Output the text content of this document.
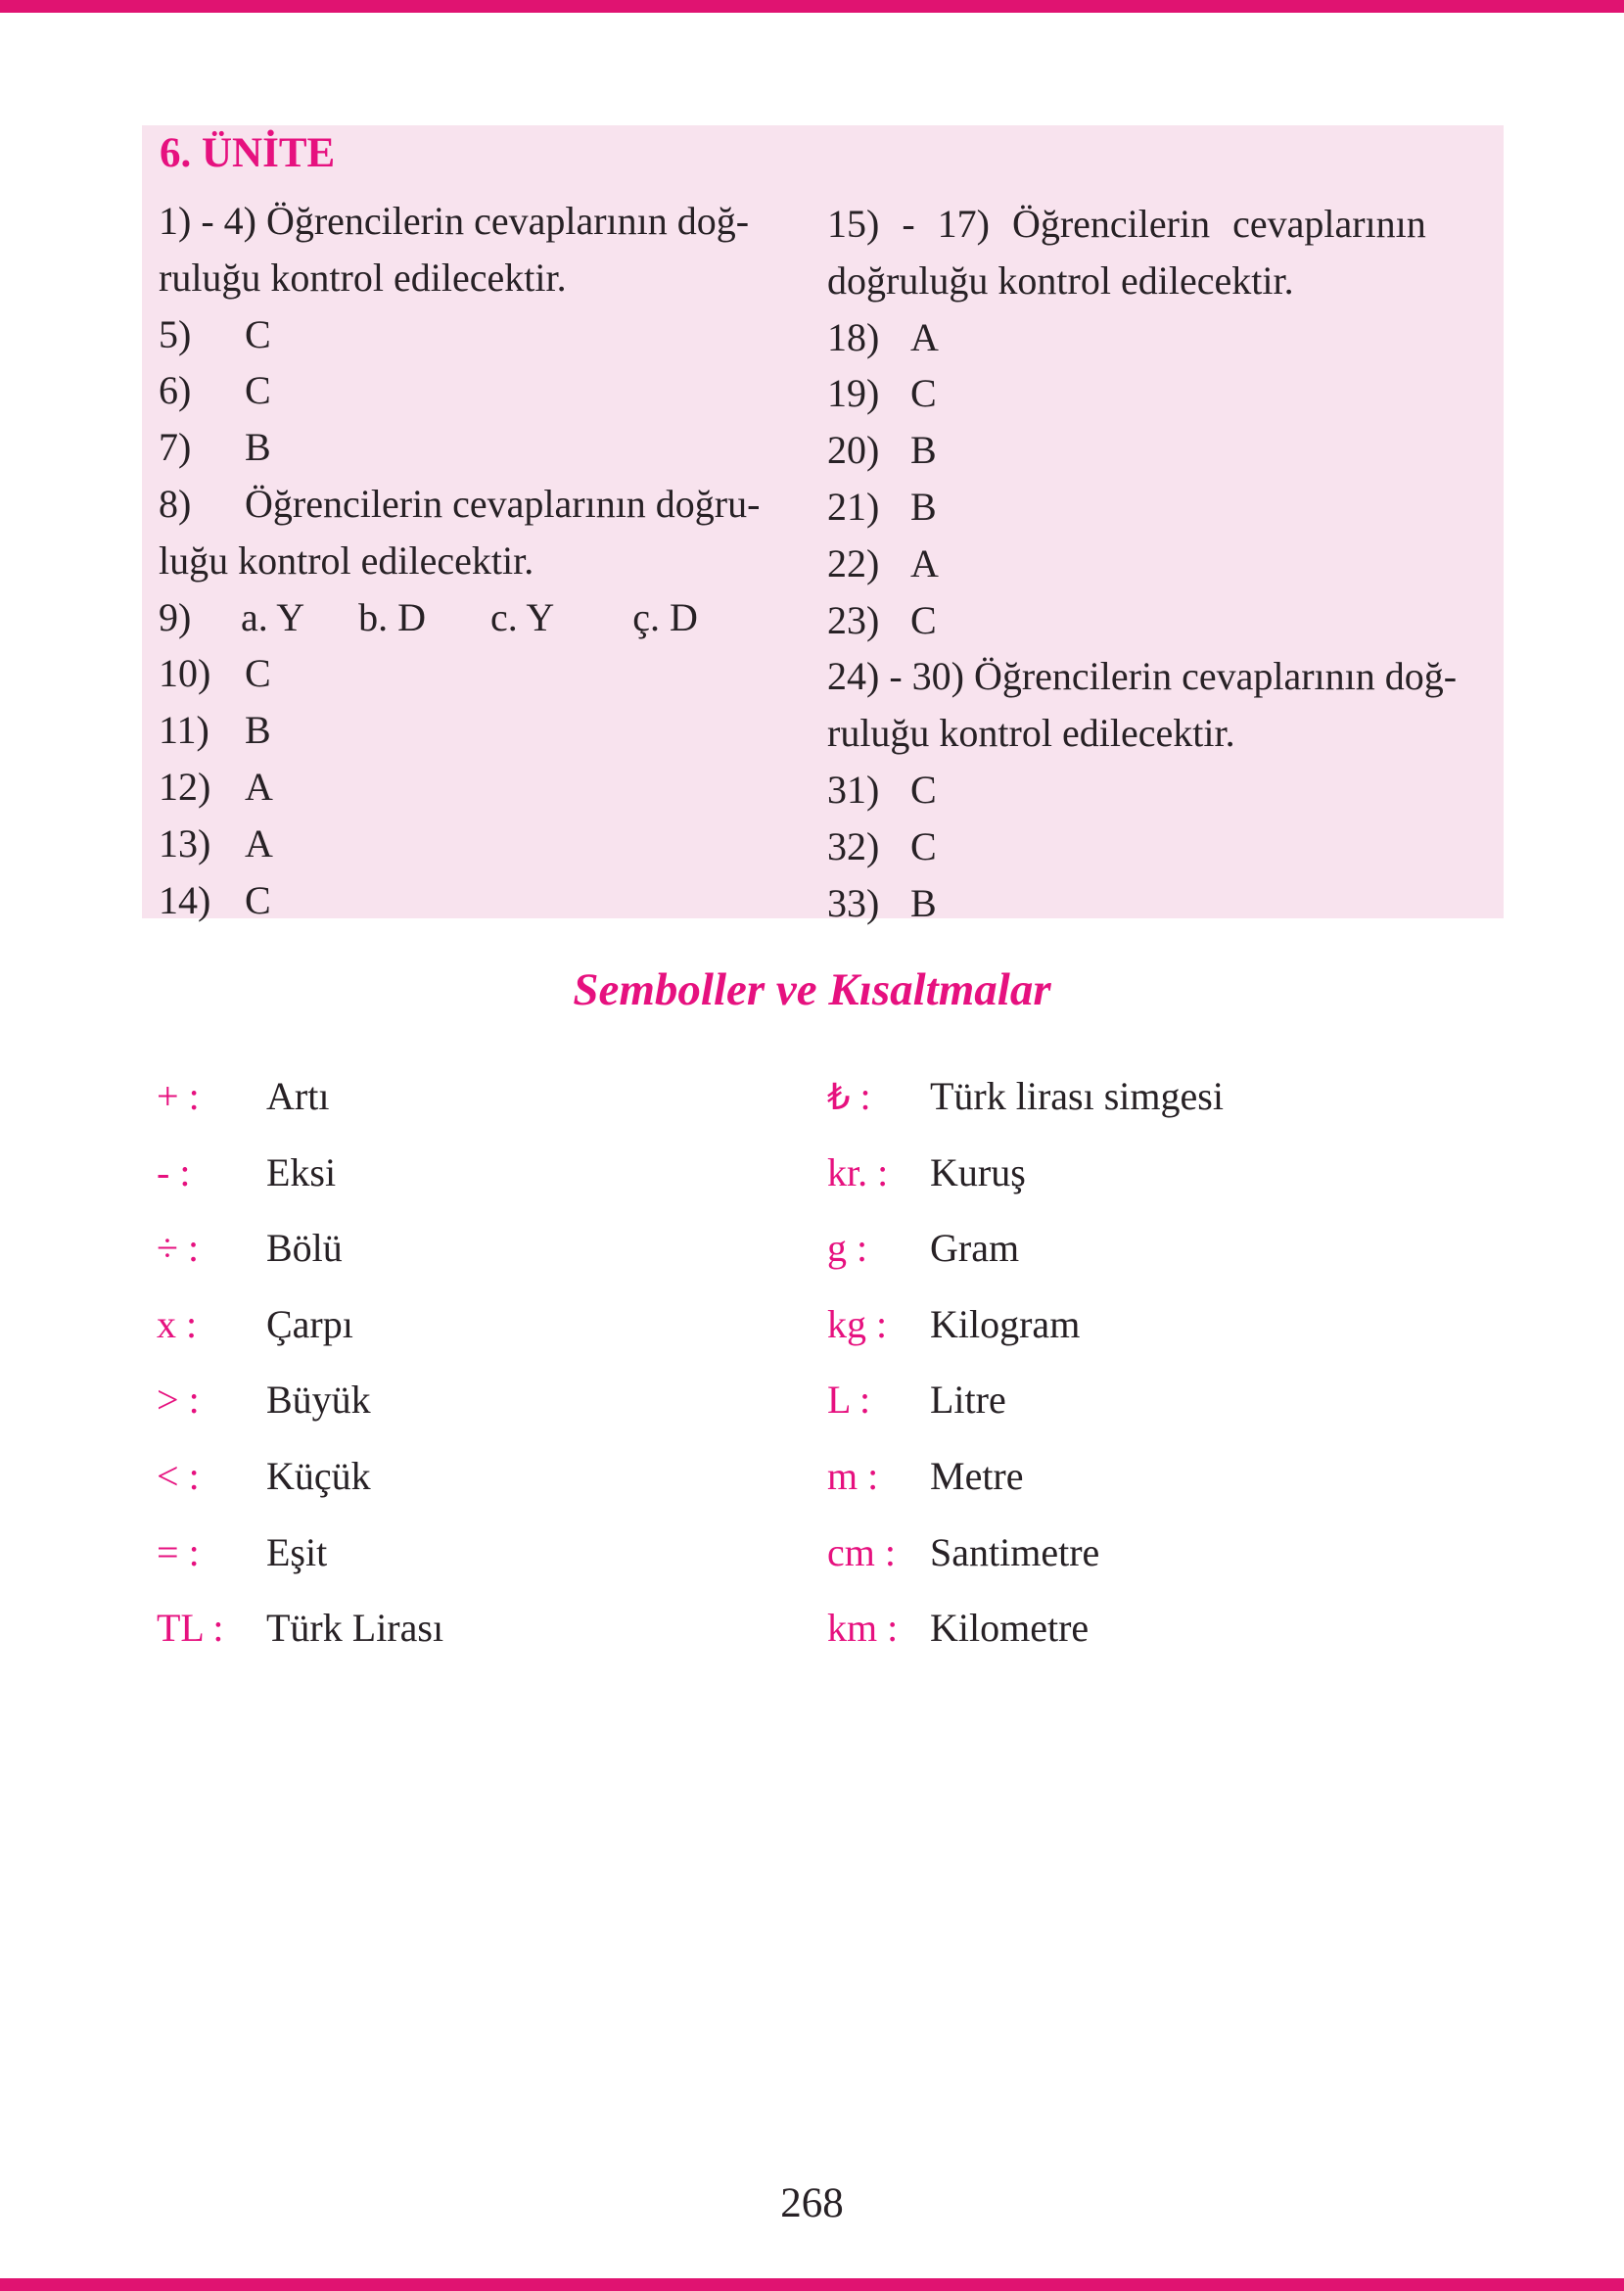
6. ÜNİTE
1) - 4) Öğrencilerin cevaplarının doğ-
ruluğu kontrol edilecektir.
5) C
6) C
7) B
8) Öğrencilerin cevaplarının doğru-
luğu kontrol edilecektir.
9) a. Y b. D c. Y ç. D
10) C
11) B
12) A
13) A
14) C
15) - 17) Öğrencilerin cevaplarının
doğruluğu kontrol edilecektir.
18) A
19) C
20) B
21) B
22) A
23) C
24) - 30) Öğrencilerin cevaplarının doğ-
ruluğu kontrol edilecektir.
31) C
32) C
33) B
Semboller ve Kısaltmalar
+ :	Artı
- :	Eksi
÷ :	Bölü
x :	Çarpı
> :	Büyük
< :	Küçük
= :	Eşit
TL :	Türk Lirası
₺ :	Türk lirası simgesi
kr. :	Kuruş
g :	Gram
kg :	Kilogram
L :	Litre
m :	Metre
cm : Santimetre
km : Kilometre
268
